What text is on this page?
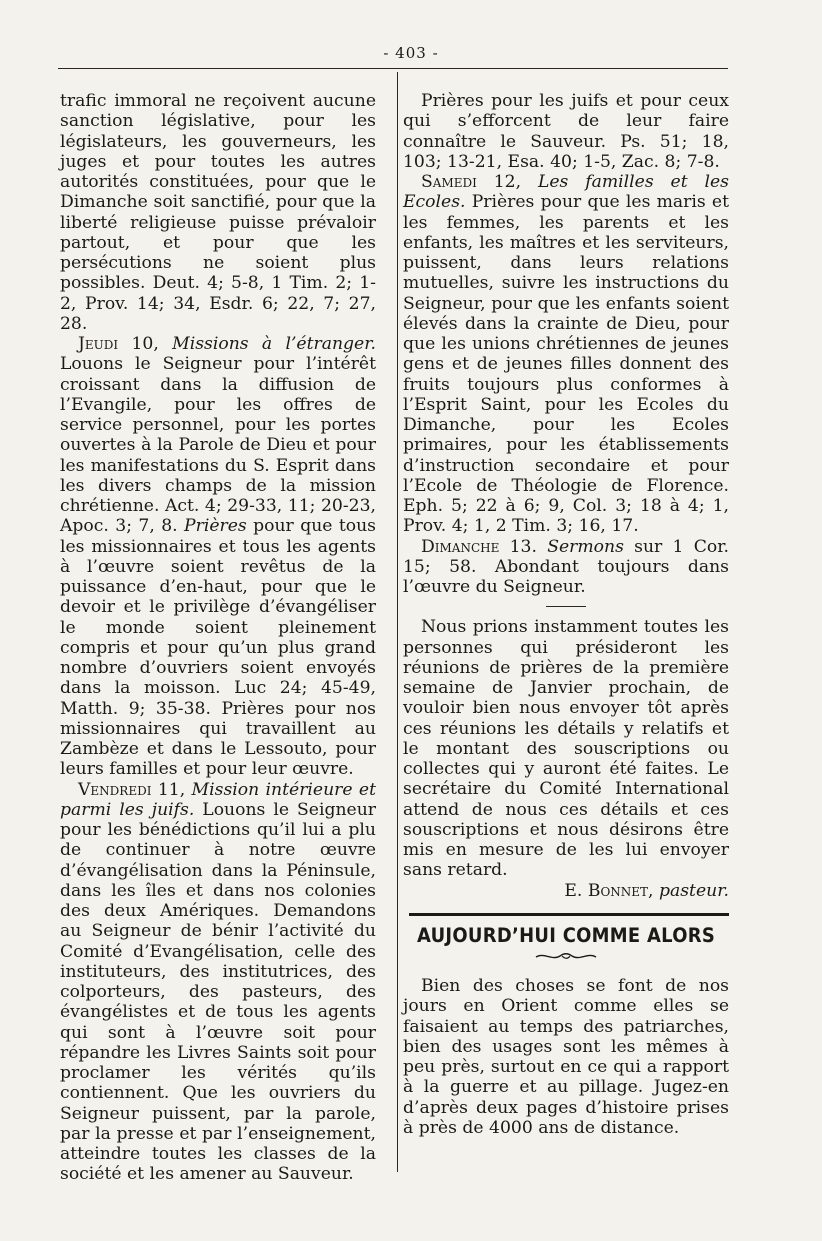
- 403 -

trafic immoral ne reçoivent aucune sanction législative, pour les législateurs, les gouverneurs, les juges et pour toutes les autres autorités constituées, pour que le Dimanche soit sanctifié, pour que la liberté religieuse puisse prévaloir partout, et pour que les persécutions ne soient plus possibles. Deut. 4; 5-8, 1 Tim. 2; 1-2, Prov. 14; 34, Esdr. 6; 22, 7; 27, 28.

Jeudi 10, Missions à l’étranger. Louons le Seigneur pour l’intérêt croissant dans la diffusion de l’Evangile, pour les offres de service personnel, pour les portes ouvertes à la Parole de Dieu et pour les manifestations du S. Esprit dans les divers champs de la mission chrétienne. Act. 4; 29-33, 11; 20-23, Apoc. 3; 7, 8. Prières pour que tous les missionnaires et tous les agents à l’œuvre soient revêtus de la puissance d’en-haut, pour que le devoir et le privilège d’évangéliser le monde soient pleinement compris et pour qu’un plus grand nombre d’ouvriers soient envoyés dans la moisson. Luc 24; 45-49, Matth. 9; 35-38. Prières pour nos missionnaires qui travaillent au Zambèze et dans le Lessouto, pour leurs familles et pour leur œuvre.

Vendredi 11, Mission intérieure et parmi les juifs. Louons le Seigneur pour les bénédictions qu’il lui a plu de continuer à notre œuvre d’évangélisation dans la Péninsule, dans les îles et dans nos colonies des deux Amériques. Demandons au Seigneur de bénir l’activité du Comité d’Evangélisation, celle des instituteurs, des institutrices, des colporteurs, des pasteurs, des évangélistes et de tous les agents qui sont à l’œuvre soit pour répandre les Livres Saints soit pour proclamer les vérités qu’ils contiennent. Que les ouvriers du Seigneur puissent, par la parole, par la presse et par l’enseignement, atteindre toutes les classes de la société et les amener au Sauveur.

Prières pour les juifs et pour ceux qui s’efforcent de leur faire connaître le Sauveur. Ps. 51; 18, 103; 13-21, Esa. 40; 1-5, Zac. 8; 7-8.

Samedi 12, Les familles et les Ecoles. Prières pour que les maris et les femmes, les parents et les enfants, les maîtres et les serviteurs, puissent, dans leurs relations mutuelles, suivre les instructions du Seigneur, pour que les enfants soient élevés dans la crainte de Dieu, pour que les unions chrétiennes de jeunes gens et de jeunes filles donnent des fruits toujours plus conformes à l’Esprit Saint, pour les Ecoles du Dimanche, pour les Ecoles primaires, pour les établissements d’instruction secondaire et pour l’Ecole de Théologie de Florence. Eph. 5; 22 à 6; 9, Col. 3; 18 à 4; 1, Prov. 4; 1, 2 Tim. 3; 16, 17.

Dimanche 13. Sermons sur 1 Cor. 15; 58. Abondant toujours dans l’œuvre du Seigneur.

Nous prions instamment toutes les personnes qui présideront les réunions de prières de la première semaine de Janvier prochain, de vouloir bien nous envoyer tôt après ces réunions les détails y relatifs et le montant des souscriptions ou collectes qui y auront été faites. Le secrétaire du Comité International attend de nous ces détails et ces souscriptions et nous désirons être mis en mesure de les lui envoyer sans retard.

E. Bonnet, pasteur.

AUJOURD’HUI COMME ALORS

Bien des choses se font de nos jours en Orient comme elles se faisaient au temps des patriarches, bien des usages sont les mêmes à peu près, surtout en ce qui a rapport à la guerre et au pillage. Jugez-en d’après deux pages d’histoire prises à près de 4000 ans de distance.
